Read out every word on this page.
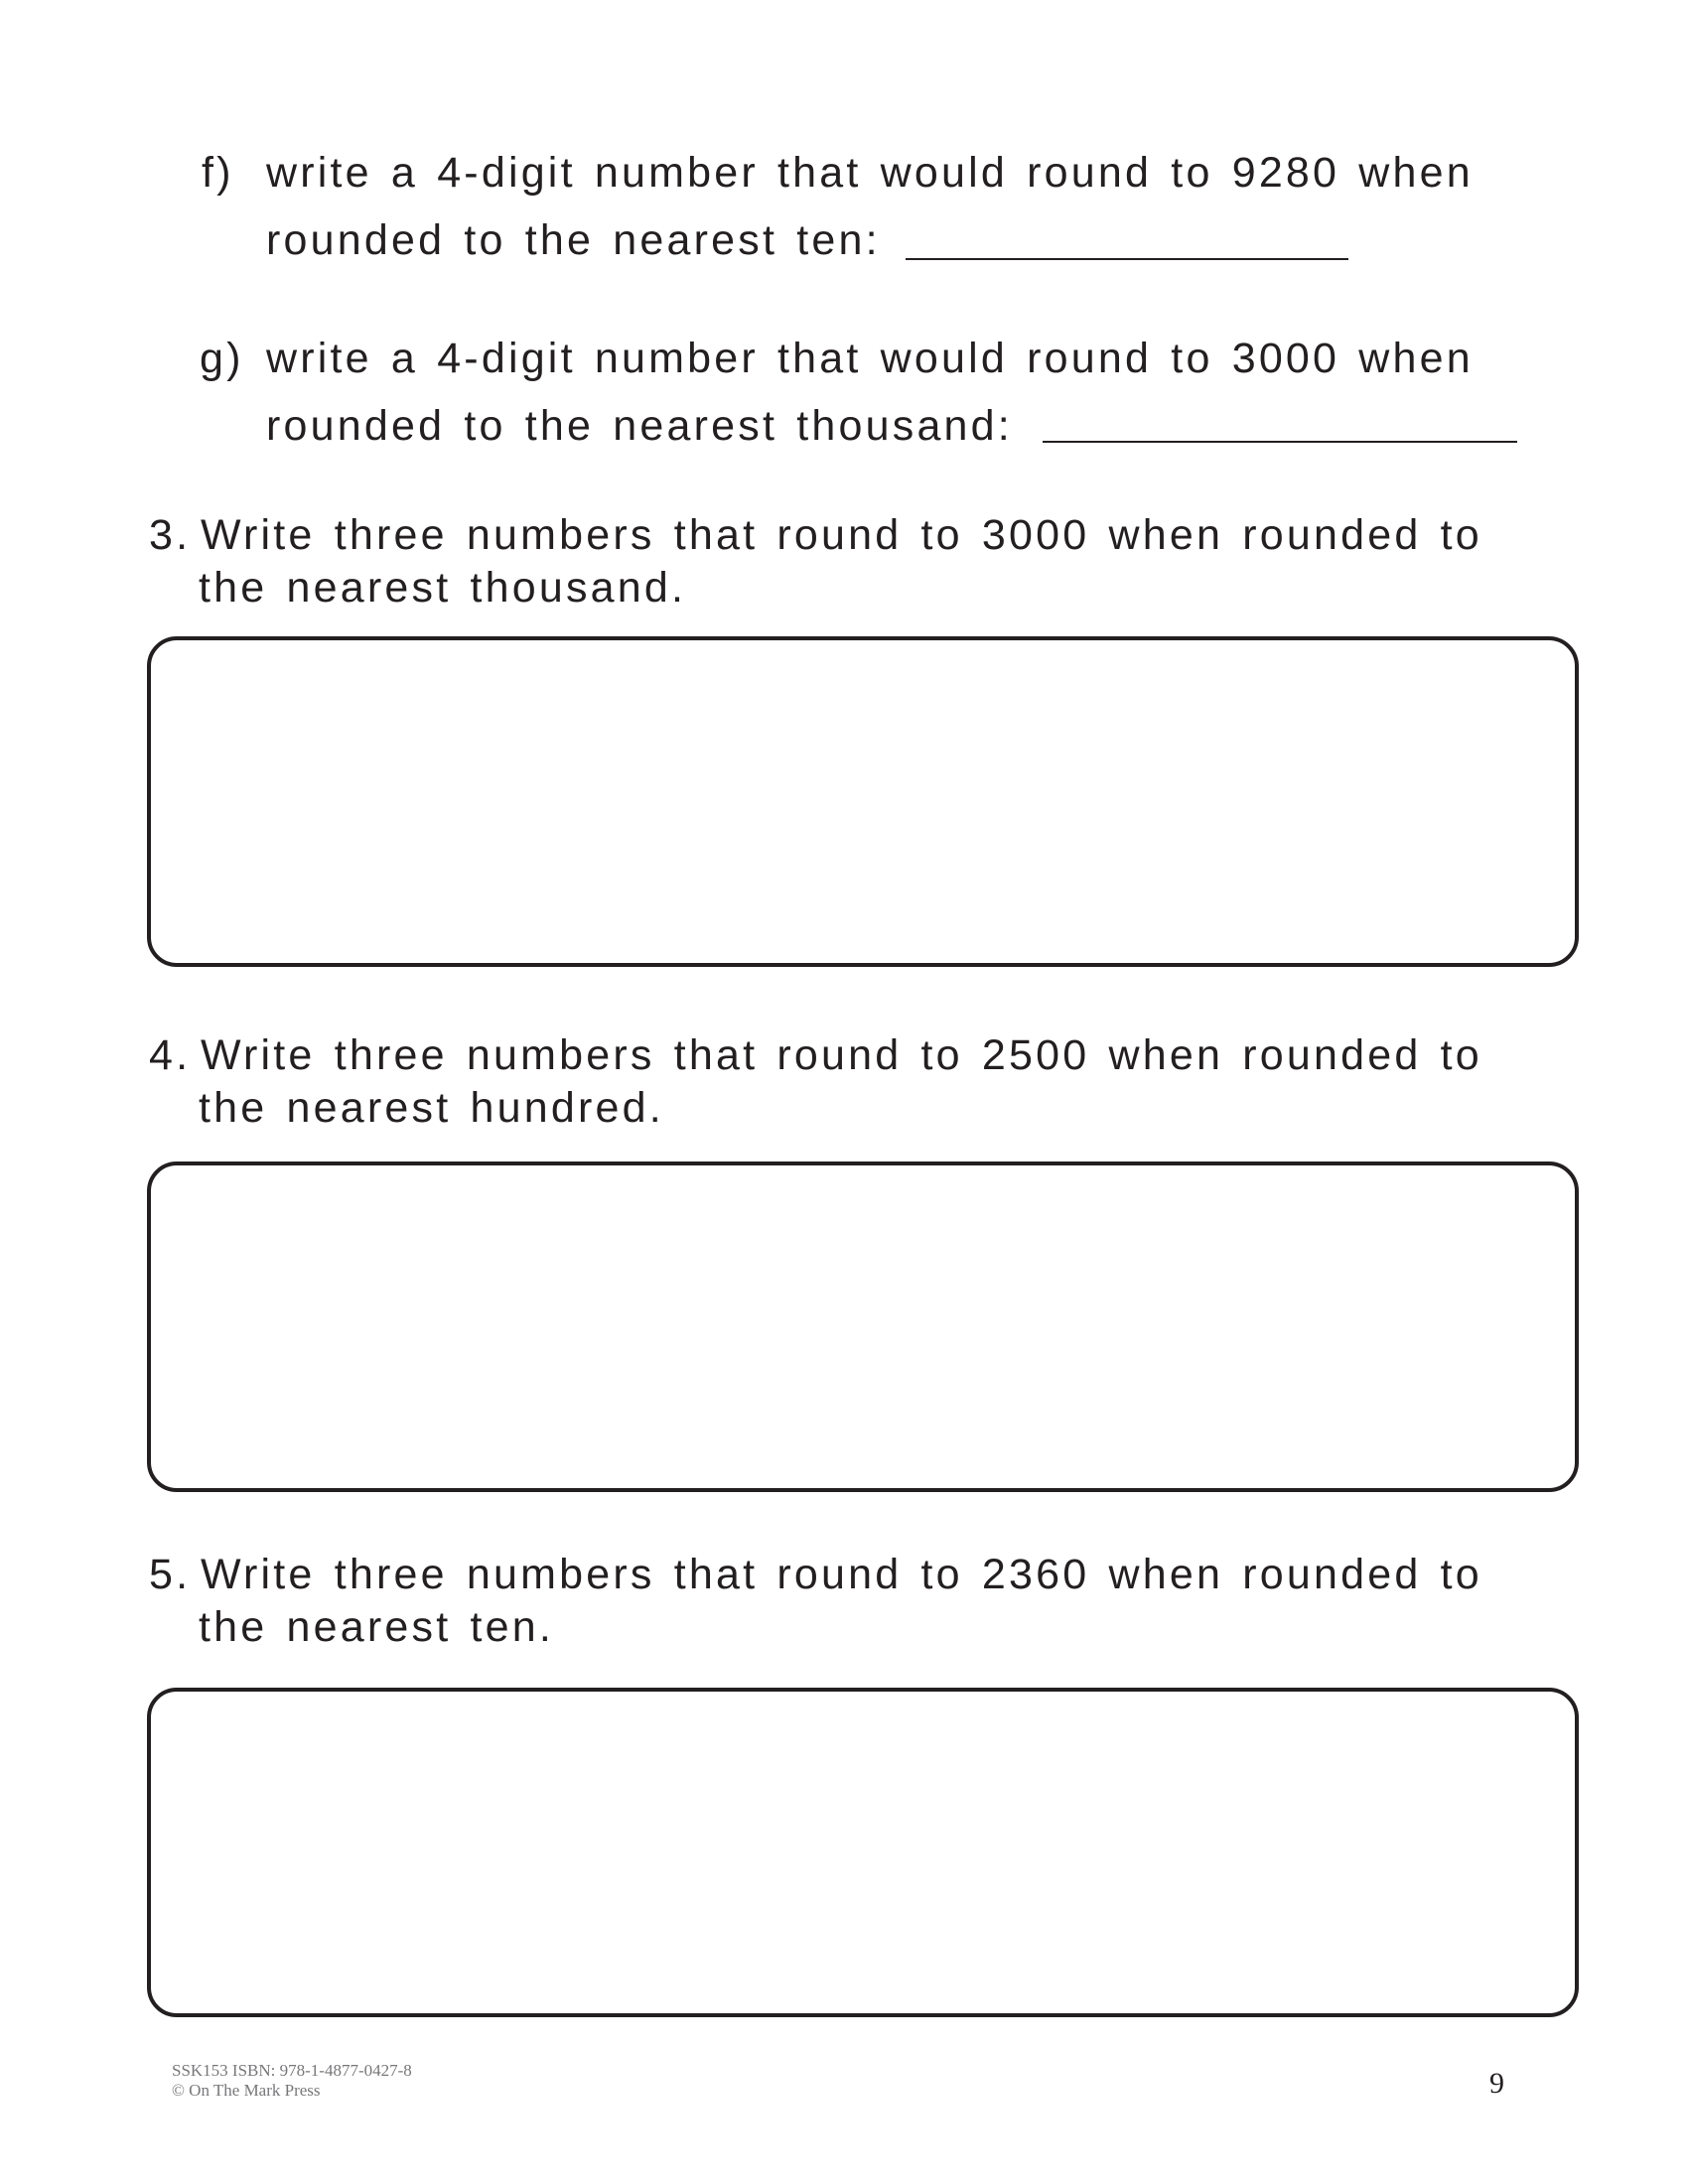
f) write a 4-digit number that would round to 9280 when
rounded to the nearest ten:
g) write a 4-digit number that would round to 3000 when
rounded to the nearest thousand:
3. Write three numbers that round to 3000 when rounded to
the nearest thousand.
4. Write three numbers that round to 2500 when rounded to
the nearest hundred.
5. Write three numbers that round to 2360 when rounded to
the nearest ten.
SSK153 ISBN: 978-1-4877-0427-8
© On The Mark Press	9
